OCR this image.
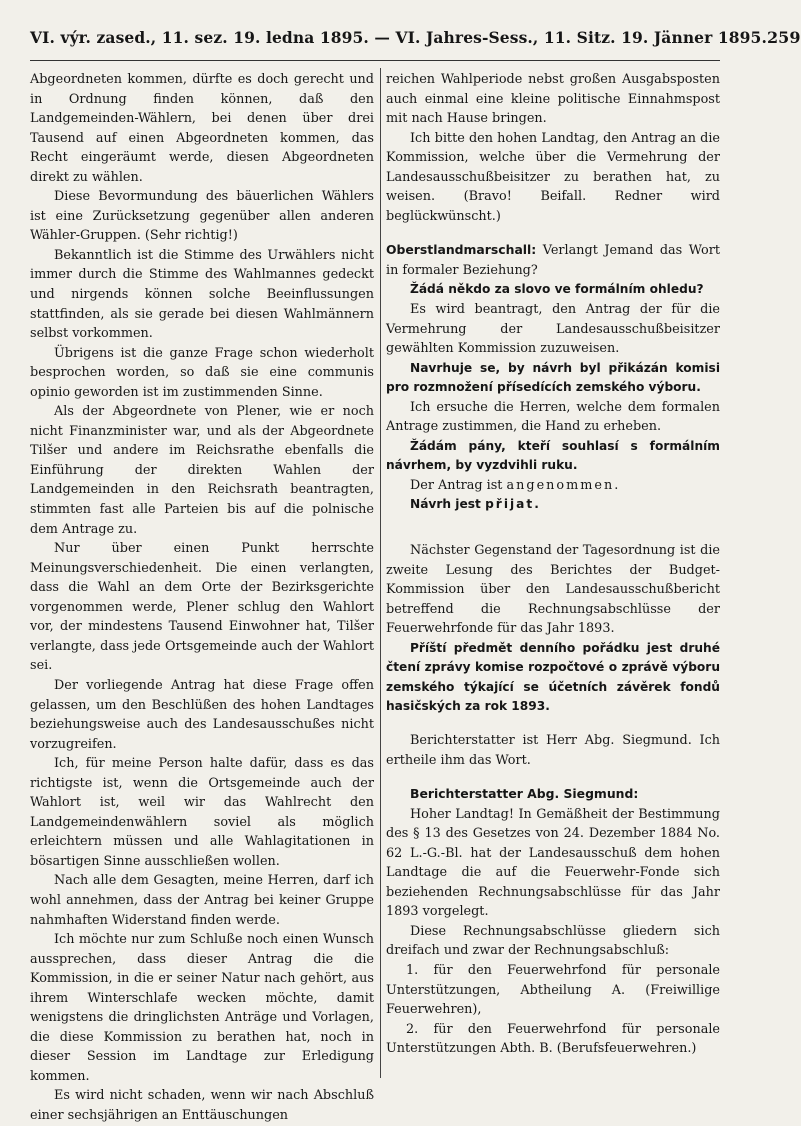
VI. výr. zased., 11. sez. 19. ledna 1895. — VI. Jahres-Sess., 11. Sitz. 19. Jänner 1895. 259

Abgeordneten kommen, dürfte es doch gerecht und in Ordnung finden können, daß den Landgemeinden-Wählern, bei denen über drei Tausend auf einen Abgeordneten kommen, das Recht eingeräumt werde, diesen Abgeordneten direkt zu wählen.

Diese Bevormundung des bäuerlichen Wählers ist eine Zurücksetzung gegenüber allen anderen Wähler-Gruppen. (Sehr richtig!)

Bekanntlich ist die Stimme des Urwählers nicht immer durch die Stimme des Wahlmannes gedeckt und nirgends können solche Beeinflussungen stattfinden, als sie gerade bei diesen Wahlmännern selbst vorkommen.

Übrigens ist die ganze Frage schon wiederholt besprochen worden, so daß sie eine communis opinio geworden ist im zustimmenden Sinne.

Als der Abgeordnete von Plener, wie er noch nicht Finanzminister war, und als der Abgeordnete Tilšer und andere im Reichsrathe ebenfalls die Einführung der direkten Wahlen der Landgemeinden in den Reichsrath beantragten, stimmten fast alle Parteien bis auf die polnische dem Antrage zu.

Nur über einen Punkt herrschte Meinungsverschiedenheit. Die einen verlangten, dass die Wahl an dem Orte der Bezirksgerichte vorgenommen werde, Plener schlug den Wahlort vor, der mindestens Tausend Einwohner hat, Tilšer verlangte, dass jede Ortsgemeinde auch der Wahlort sei.

Der vorliegende Antrag hat diese Frage offen gelassen, um den Beschlüßen des hohen Landtages beziehungsweise auch des Landesausschußes nicht vorzugreifen.

Ich, für meine Person halte dafür, dass es das richtigste ist, wenn die Ortsgemeinde auch der Wahlort ist, weil wir das Wahlrecht den Landgemeindenwählern soviel als möglich erleichtern müssen und alle Wahlagitationen in bösartigen Sinne ausschließen wollen.

Nach alle dem Gesagten, meine Herren, darf ich wohl annehmen, dass der Antrag bei keiner Gruppe nahmhaften Widerstand finden werde.

Ich möchte nur zum Schluße noch einen Wunsch aussprechen, dass dieser Antrag die die Kommission, in die er seiner Natur nach gehört, aus ihrem Winterschlafe wecken möchte, damit wenigstens die dringlichsten Anträge und Vorlagen, die diese Kommission zu berathen hat, noch in dieser Session im Landtage zur Erledigung kommen.

Es wird nicht schaden, wenn wir nach Abschluß einer sechsjährigen an Enttäuschungen

reichen Wahlperiode nebst großen Ausgabsposten auch einmal eine kleine politische Einnahmspost mit nach Hause bringen.

Ich bitte den hohen Landtag, den Antrag an die Kommission, welche über die Vermehrung der Landesausschußbeisitzer zu berathen hat, zu weisen. (Bravo! Beifall. Redner wird beglückwünscht.)

Oberstlandmarschall: Verlangt Jemand das Wort in formaler Beziehung?

Žádá někdo za slovo ve formálním ohledu?

Es wird beantragt, den Antrag der für die Vermehrung der Landesausschußbeisitzer gewählten Kommission zuzuweisen.

Navrhuje se, by návrh byl přikázán komisi pro rozmnožení přísedících zemského výboru.

Ich ersuche die Herren, welche dem formalen Antrage zustimmen, die Hand zu erheben.

Žádám pány, kteří souhlasí s formálním návrhem, by vyzdvihli ruku.

Der Antrag ist angenommen.

Návrh jest přijat.

Nächster Gegenstand der Tagesordnung ist die zweite Lesung des Berichtes der Budget-Kommission über den Landesausschußbericht betreffend die Rechnungsabschlüsse der Feuerwehrfonde für das Jahr 1893.

Příští předmět denního pořádku jest druhé čtení zprávy komise rozpočtové o zprávě výboru zemského týkající se účetních závěrek fondů hasičských za rok 1893.

Berichterstatter ist Herr Abg. Siegmund. Ich ertheile ihm das Wort.

Berichterstatter Abg. Siegmund:

Hoher Landtag! In Gemäßheit der Bestimmung des § 13 des Gesetzes von 24. Dezember 1884 No. 62 L.-G.-Bl. hat der Landesausschuß dem hohen Landtage die auf die Feuerwehr-Fonde sich beziehenden Rechnungsabschlüsse für das Jahr 1893 vorgelegt.

Diese Rechnungsabschlüsse gliedern sich dreifach und zwar der Rechnungsabschluß:

1. für den Feuerwehrfond für personale Unterstützungen, Abtheilung A. (Freiwillige Feuerwehren),

2. für den Feuerwehrfond für personale Unterstützungen Abth. B. (Berufsfeuerwehren.)
